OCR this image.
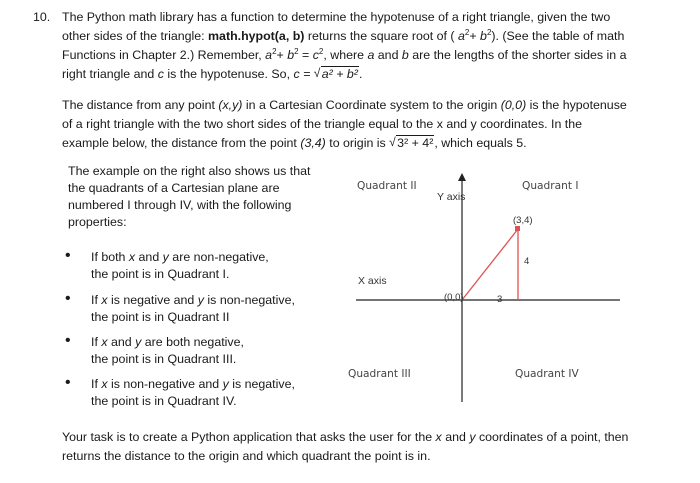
10. The Python math library has a function to determine the hypotenuse of a right triangle, given the two
other sides of the triangle: math.hypot(a, b) returns the square root of ( $a^2+ b^2$). (See the table of math
Functions in Chapter 2.) Remember, $a^2+ b^2 = c^2$, where a and b are the lengths of the shorter sides in a
right triangle and c is the hypotenuse. So, c = √ a² + b².
The distance from any point (x,y) in a Cartesian Coordinate system to the origin (0,0) is the hypotenuse
of a right triangle with the two short sides of the triangle equal to the x and y coordinates. In the
example below, the distance from the point (3,4) to origin is √ 3² + 4², which equals 5.
The example on the right also shows us that
the quadrants of a Cartesian plane are
numbered I through IV, with the following
properties:
• If both x and y are non-negative,
the point is in Quadrant I.
• If x is negative and y is non-negative,
the point is in Quadrant II
• If x and y are both negative,
the point is in Quadrant III.
• If x is non-negative and y is negative,
the point is in Quadrant IV.
Quadrant II	Quadrant I
Y axis
(3,4)
4
X axis
(0,0)	3
Quadrant III	Quadrant IV
Your task is to create a Python application that asks the user for the x and y coordinates of a point, then
returns the distance to the origin and which quadrant the point is in.
